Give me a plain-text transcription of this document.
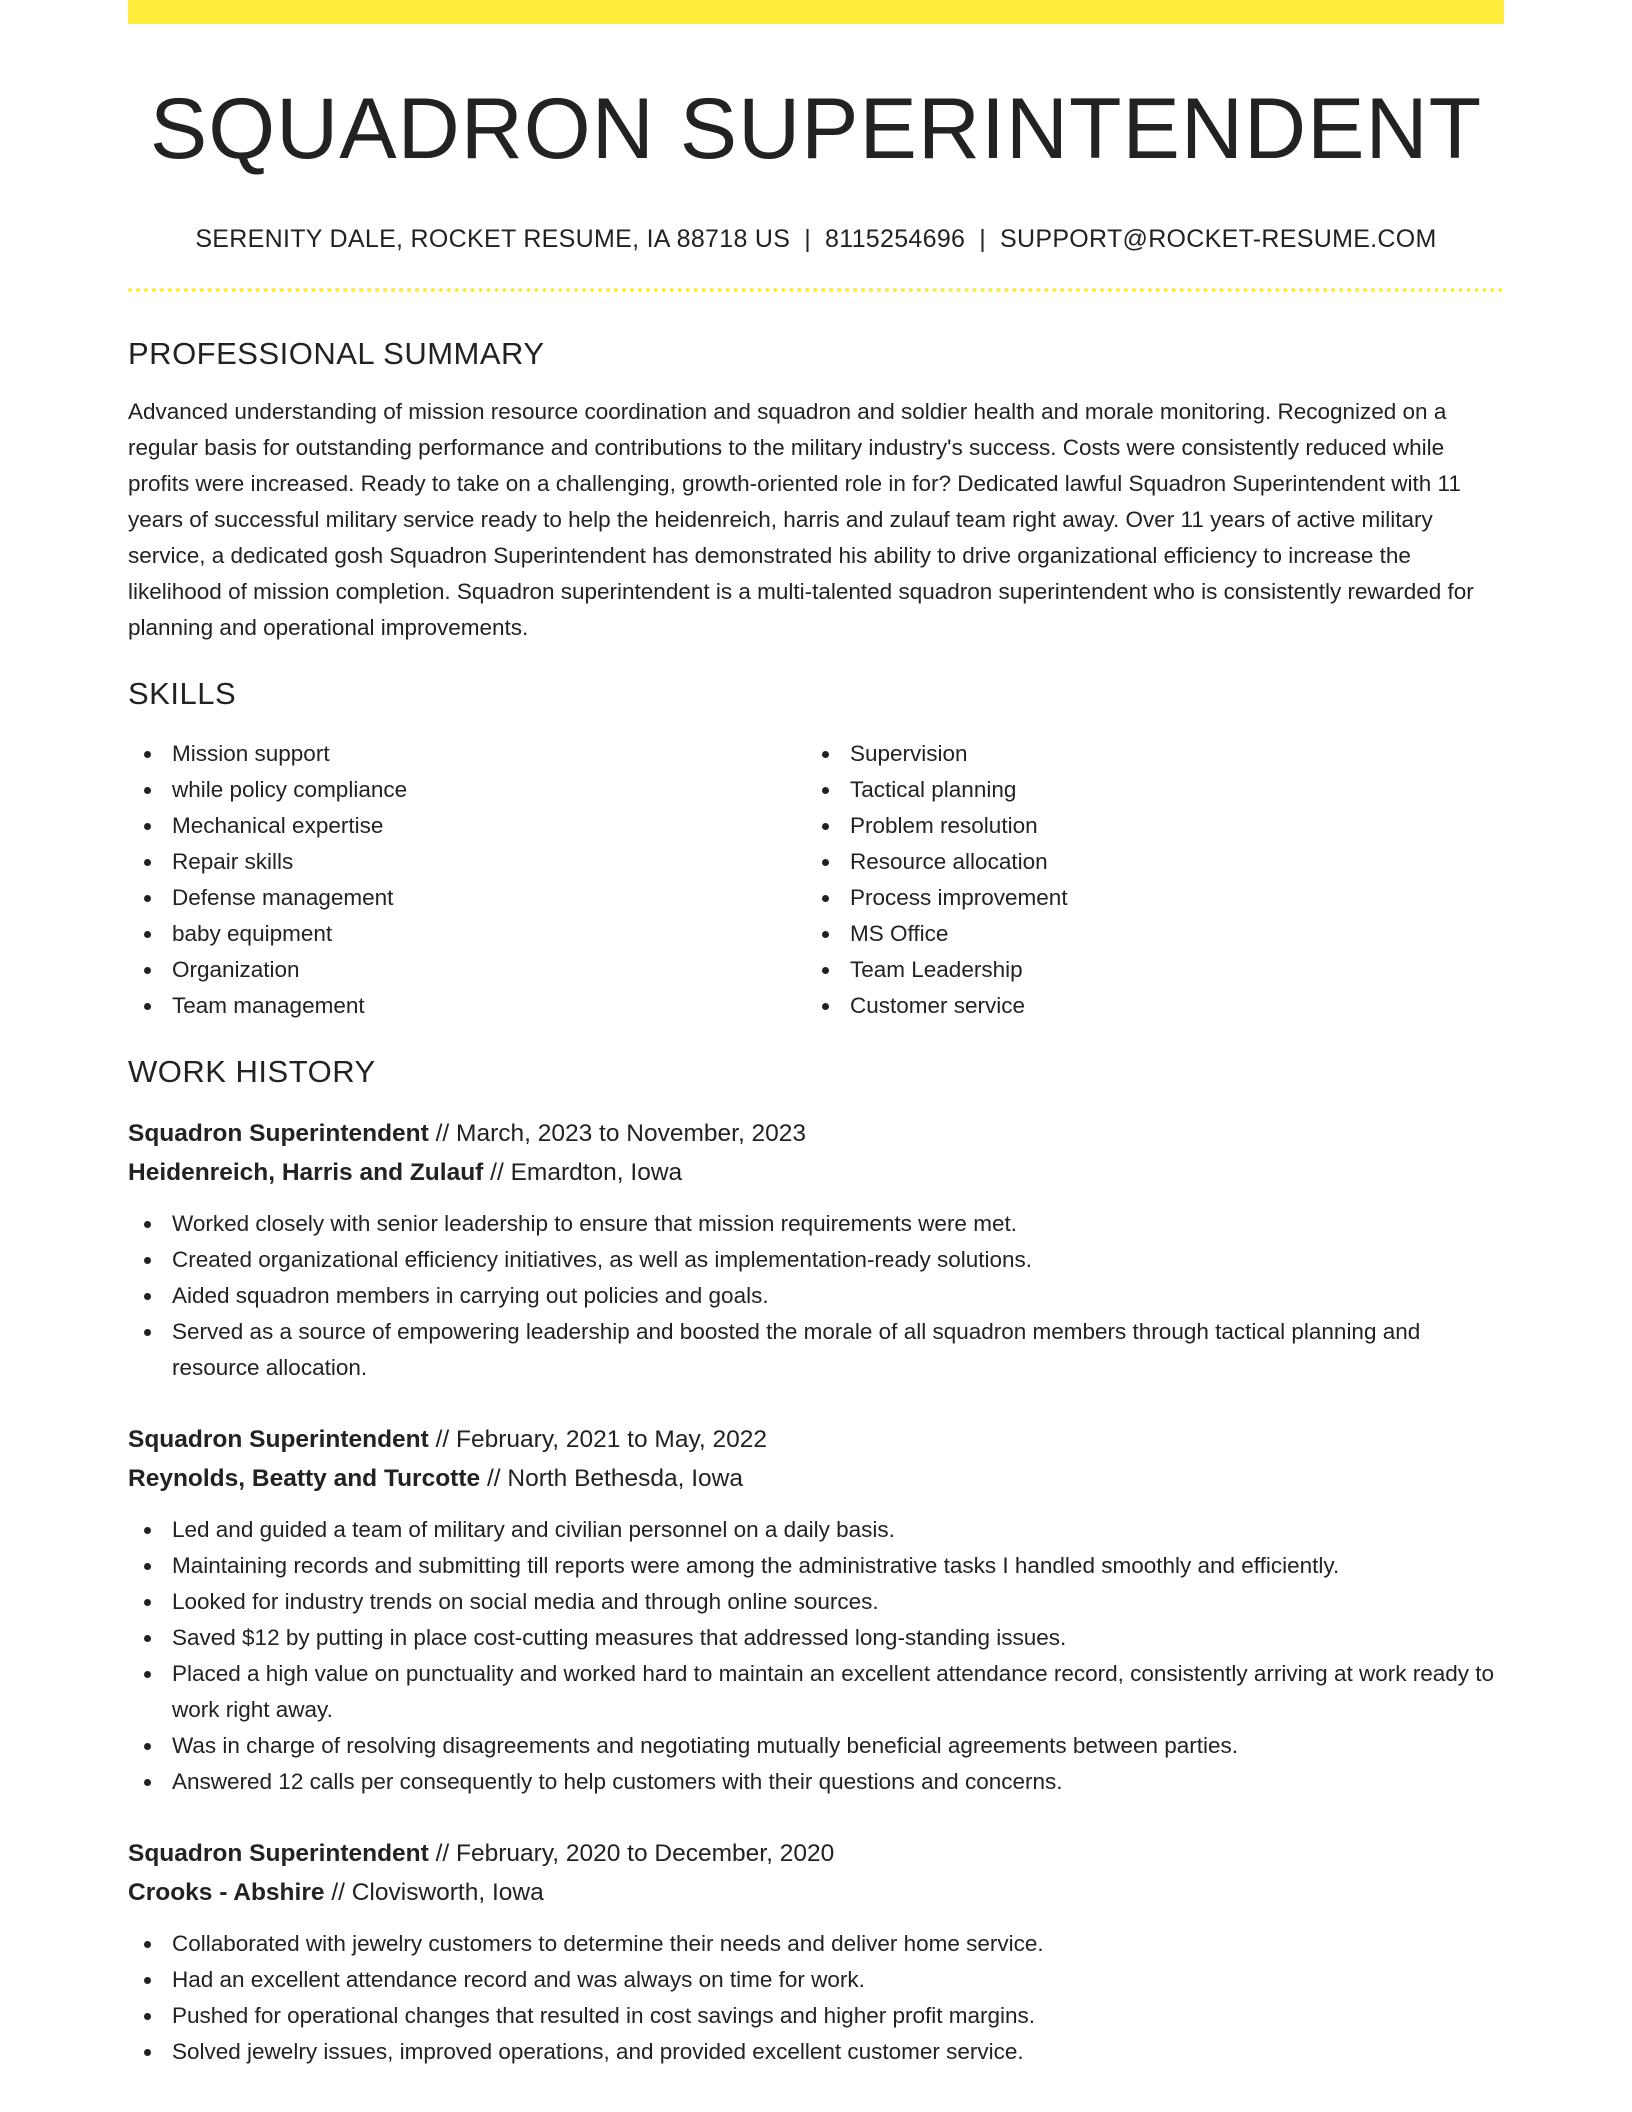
SQUADRON SUPERINTENDENT
SERENITY DALE, ROCKET RESUME, IA 88718 US | 8115254696 | SUPPORT@ROCKET-RESUME.COM
PROFESSIONAL SUMMARY
Advanced understanding of mission resource coordination and squadron and soldier health and morale monitoring. Recognized on a regular basis for outstanding performance and contributions to the military industry's success. Costs were consistently reduced while profits were increased. Ready to take on a challenging, growth-oriented role in for? Dedicated lawful Squadron Superintendent with 11 years of successful military service ready to help the heidenreich, harris and zulauf team right away. Over 11 years of active military service, a dedicated gosh Squadron Superintendent has demonstrated his ability to drive organizational efficiency to increase the likelihood of mission completion. Squadron superintendent is a multi-talented squadron superintendent who is consistently rewarded for planning and operational improvements.
SKILLS
Mission support
while policy compliance
Mechanical expertise
Repair skills
Defense management
baby equipment
Organization
Team management
Supervision
Tactical planning
Problem resolution
Resource allocation
Process improvement
MS Office
Team Leadership
Customer service
WORK HISTORY
Squadron Superintendent // March, 2023 to November, 2023
Heidenreich, Harris and Zulauf // Emardton, Iowa
Worked closely with senior leadership to ensure that mission requirements were met.
Created organizational efficiency initiatives, as well as implementation-ready solutions.
Aided squadron members in carrying out policies and goals.
Served as a source of empowering leadership and boosted the morale of all squadron members through tactical planning and resource allocation.
Squadron Superintendent // February, 2021 to May, 2022
Reynolds, Beatty and Turcotte // North Bethesda, Iowa
Led and guided a team of military and civilian personnel on a daily basis.
Maintaining records and submitting till reports were among the administrative tasks I handled smoothly and efficiently.
Looked for industry trends on social media and through online sources.
Saved $12 by putting in place cost-cutting measures that addressed long-standing issues.
Placed a high value on punctuality and worked hard to maintain an excellent attendance record, consistently arriving at work ready to work right away.
Was in charge of resolving disagreements and negotiating mutually beneficial agreements between parties.
Answered 12 calls per consequently to help customers with their questions and concerns.
Squadron Superintendent // February, 2020 to December, 2020
Crooks - Abshire // Clovisworth, Iowa
Collaborated with jewelry customers to determine their needs and deliver home service.
Had an excellent attendance record and was always on time for work.
Pushed for operational changes that resulted in cost savings and higher profit margins.
Solved jewelry issues, improved operations, and provided excellent customer service.
